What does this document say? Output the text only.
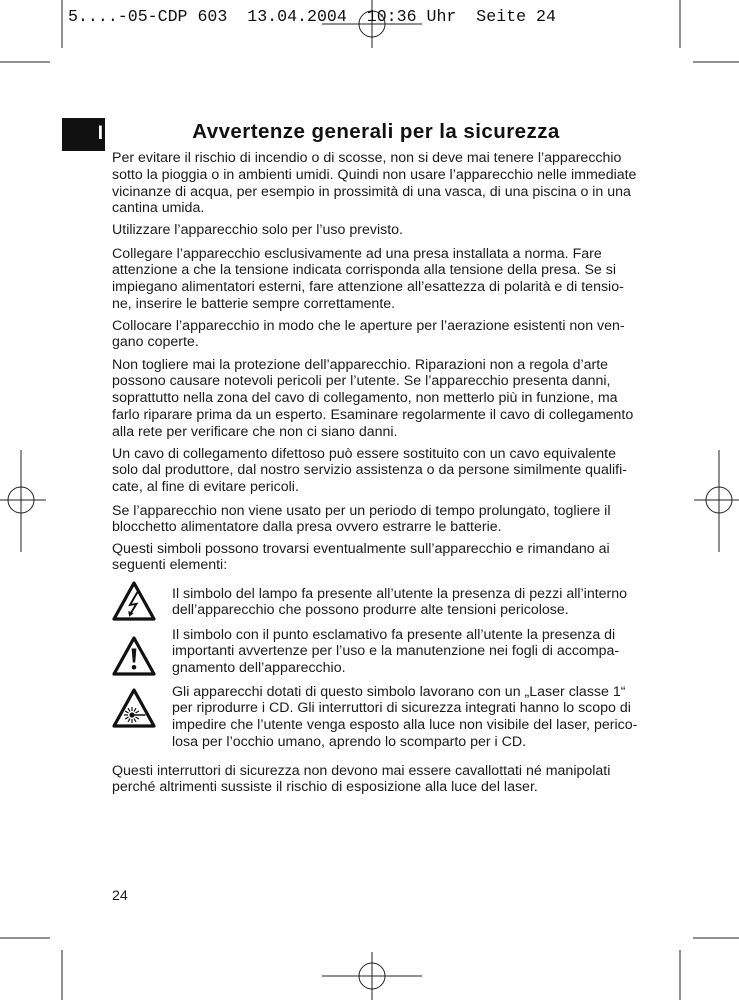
5....-05-CDP 603  13.04.2004  10:36 Uhr  Seite 24
I	Avvertenze generali per la sicurezza
Per evitare il rischio di incendio o di scosse, non si deve mai tenere l’apparecchio
sotto la pioggia o in ambienti umidi. Quindi non usare l’apparecchio nelle immediate
vicinanze di acqua, per esempio in prossimità di una vasca, di una piscina o in una
cantina umida.
Utilizzare l’apparecchio solo per l’uso previsto.
Collegare l’apparecchio esclusivamente ad una presa installata a norma. Fare
attenzione a che la tensione indicata corrisponda alla tensione della presa. Se si
impiegano alimentatori esterni, fare attenzione all’esattezza di polarità e di tensio-
ne, inserire le batterie sempre correttamente.
Collocare l’apparecchio in modo che le aperture per l’aerazione esistenti non ven-
gano coperte.
Non togliere mai la protezione dell’apparecchio. Riparazioni non a regola d’arte
possono causare notevoli pericoli per l’utente. Se l’apparecchio presenta danni,
soprattutto nella zona del cavo di collegamento, non metterlo più in funzione, ma
farlo riparare prima da un esperto. Esaminare regolarmente il cavo di collegamento
alla rete per verificare che non ci siano danni.
Un cavo di collegamento difettoso può essere sostituito con un cavo equivalente
solo dal produttore, dal nostro servizio assistenza o da persone similmente qualifi-
cate, al fine di evitare pericoli.
Se l’apparecchio non viene usato per un periodo di tempo prolungato, togliere il
blocchetto alimentatore dalla presa ovvero estrarre le batterie.
Questi simboli possono trovarsi eventualmente sull’apparecchio e rimandano ai
seguenti elementi:
Il simbolo del lampo fa presente all’utente la presenza di pezzi all’interno
dell’apparecchio che possono produrre alte tensioni pericolose.
Il simbolo con il punto esclamativo fa presente all’utente la presenza di
importanti avvertenze per l’uso e la manutenzione nei fogli di accompa-
gnamento dell’apparecchio.
Gli apparecchi dotati di questo simbolo lavorano con un „Laser classe 1“
per riprodurre i CD. Gli interruttori di sicurezza integrati hanno lo scopo di
impedire che l’utente venga esposto alla luce non visibile del laser, perico-
losa per l’occhio umano, aprendo lo scomparto per i CD.
Questi interruttori di sicurezza non devono mai essere cavallottati né manipolati
perché altrimenti sussiste il rischio di esposizione alla luce del laser.
24
